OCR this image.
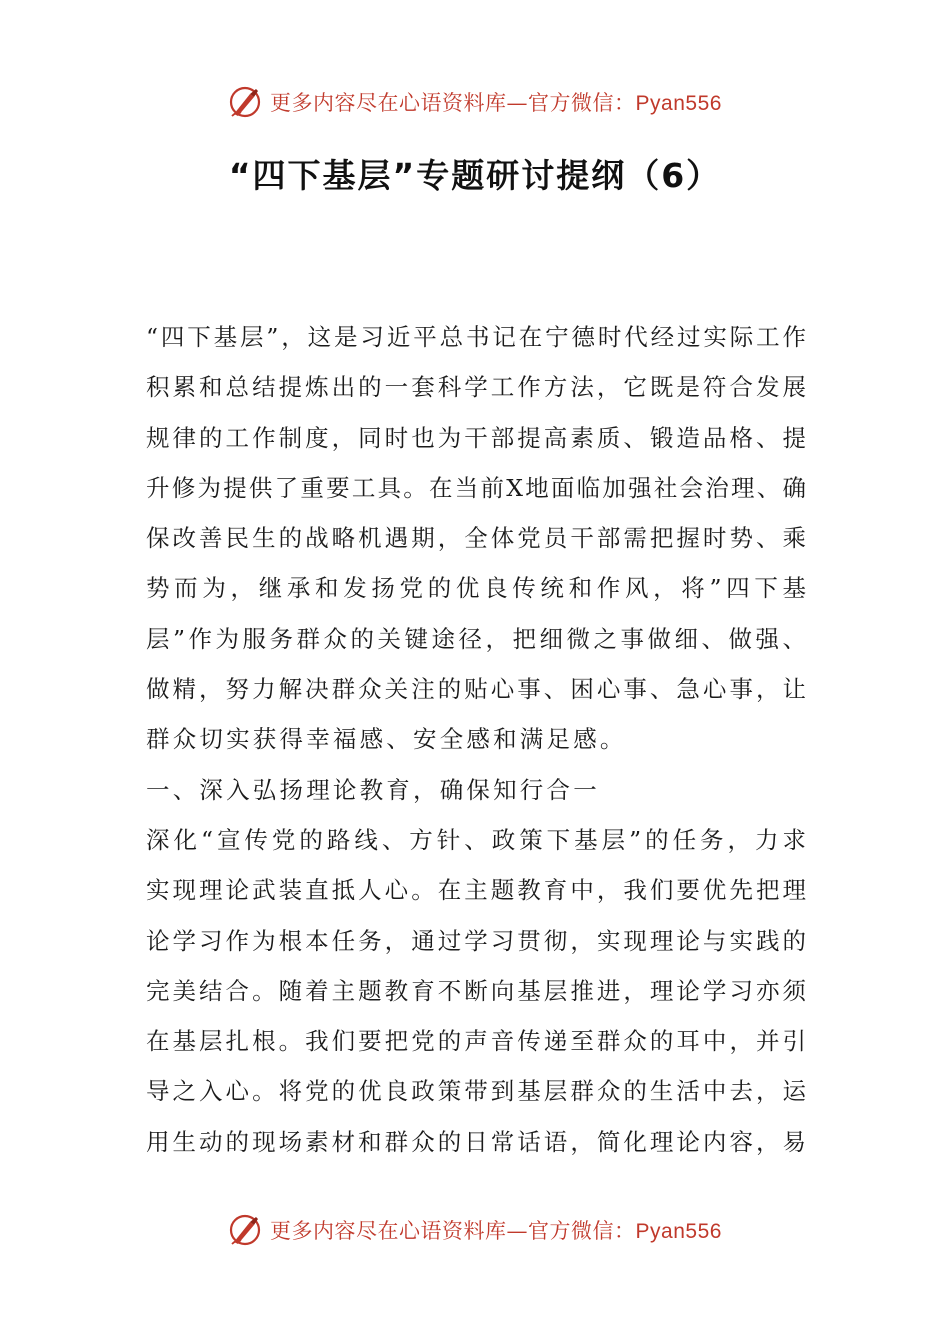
更多内容尽在心语资料库—官方微信：Pyan556
“四下基层”专题研讨提纲（6）
“四下基层”，这是习近平总书记在宁德时代经过实际工作
积累和总结提炼出的一套科学工作方法，它既是符合发展
规律的工作制度，同时也为干部提高素质、锻造品格、提
升修为提供了重要工具。在当前X地面临加强社会治理、确
保改善民生的战略机遇期，全体党员干部需把握时势、乘
势而为，继承和发扬党的优良传统和作风，将”四下基
层”作为服务群众的关键途径，把细微之事做细、做强、
做精，努力解决群众关注的贴心事、困心事、急心事，让
群众切实获得幸福感、安全感和满足感。
一、深入弘扬理论教育，确保知行合一
深化“宣传党的路线、方针、政策下基层”的任务，力求
实现理论武装直抵人心。在主题教育中，我们要优先把理
论学习作为根本任务，通过学习贯彻，实现理论与实践的
完美结合。随着主题教育不断向基层推进，理论学习亦须
在基层扎根。我们要把党的声音传递至群众的耳中，并引
导之入心。将党的优良政策带到基层群众的生活中去，运
用生动的现场素材和群众的日常话语，简化理论内容，易
更多内容尽在心语资料库—官方微信：Pyan556
